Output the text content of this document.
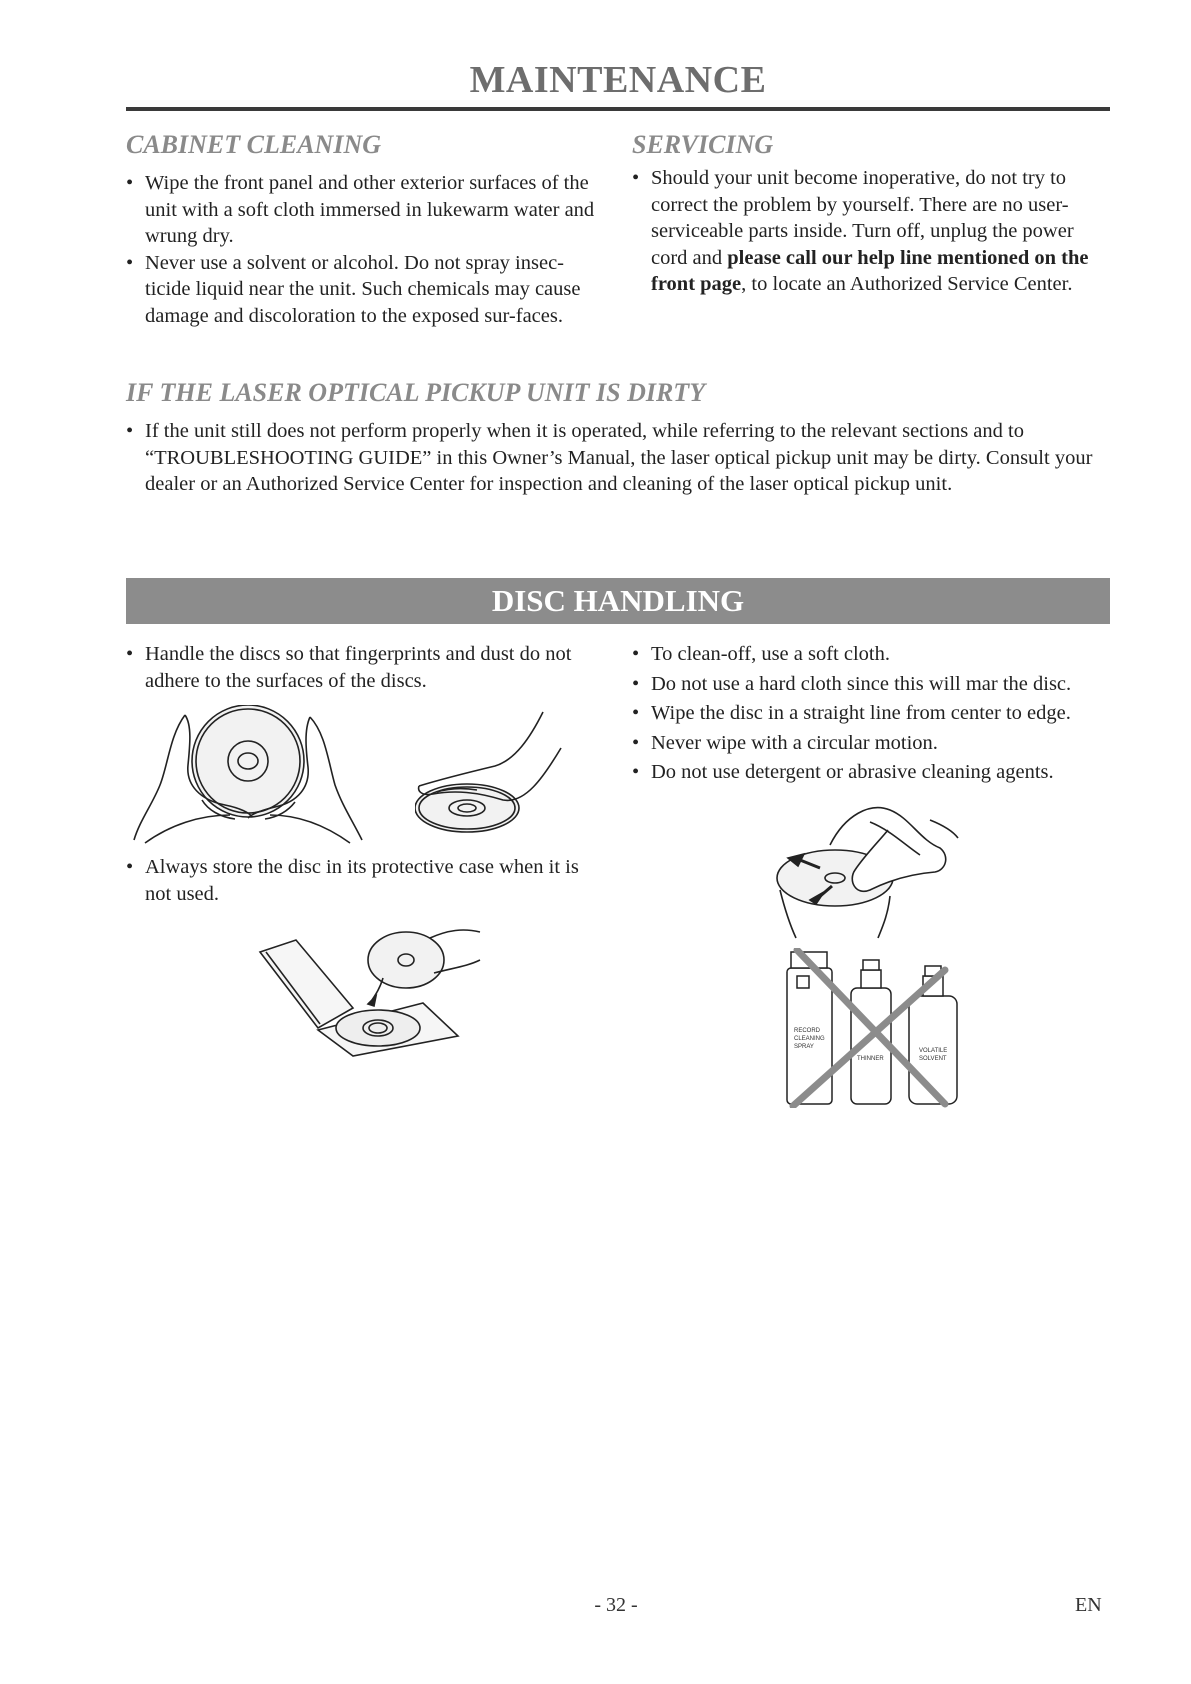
MAINTENANCE
CABINET CLEANING
• Wipe the front panel and other exterior surfaces of the unit with a soft cloth immersed in lukewarm water and wrung dry.
• Never use a solvent or alcohol. Do not spray insec-ticide liquid near the unit. Such chemicals may cause damage and discoloration to the exposed sur-faces.
SERVICING
• Should your unit become inoperative, do not try to correct the problem by yourself. There are no user-serviceable parts inside. Turn off, unplug the power cord and please call our help line mentioned on the front page, to locate an Authorized Service Center.
IF THE LASER OPTICAL PICKUP UNIT IS DIRTY
• If the unit still does not perform properly when it is operated, while referring to the relevant sections and to “TROUBLESHOOTING GUIDE” in this Owner’s Manual, the laser optical pickup unit may be dirty. Consult your dealer or an Authorized Service Center for inspection and cleaning of the laser optical pickup unit.
DISC HANDLING
• Handle the discs so that fingerprints and dust do not adhere to the surfaces of the discs.
• Always store the disc in its protective case when it is not used.
• To clean-off, use a soft cloth.
• Do not use a hard cloth since this will mar the disc.
• Wipe the disc in a straight line from center to edge.
• Never wipe with a circular motion.
• Do not use detergent or abrasive cleaning agents.
RECORD
CLEANING
SPRAY
THINNER
VOLATILE
SOLVENT
- 32 -	EN
